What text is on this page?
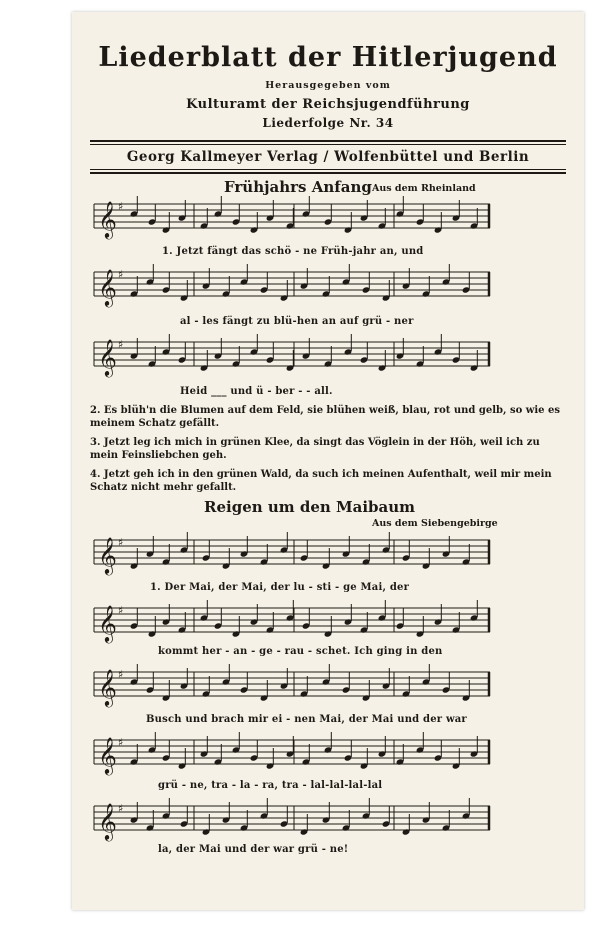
Liederblatt der Hitlerjugend
Herausgegeben vom
Kulturamt der Reichsjugendführung
Liederfolge Nr. 34
Georg Kallmeyer Verlag / Wolfenbüttel und Berlin
Frühjahrs Anfang Aus dem Rheinland
𝄞 ♯
1. Jetzt fängt das schö - ne Früh-jahr an, und
𝄞 ♯
al - les fängt zu blü-hen an auf grü - ner
𝄞 ♯
Heid ___ und ü - ber - - all.
2. Es blüh'n die Blumen auf dem Feld, sie blühen weiß, blau, rot und gelb, so wie es meinem Schatz gefällt.
3. Jetzt leg ich mich in grünen Klee, da singt das Vöglein in der Höh, weil ich zu mein Feinsliebchen geh.
4. Jetzt geh ich in den grünen Wald, da such ich meinen Aufenthalt, weil mir mein Schatz nicht mehr gefallt.
Reigen um den Maibaum
Aus dem Siebengebirge
𝄞 ♯
1. Der Mai, der Mai, der lu - sti - ge Mai, der
𝄞 ♯
kommt her - an - ge - rau - schet. Ich ging in den
𝄞 ♯
Busch und brach mir ei - nen Mai, der Mai und der war
𝄞 ♯
grü - ne, tra - la - ra, tra - lal-lal-lal-lal
𝄞 ♯
la, der Mai und der war grü - ne!
